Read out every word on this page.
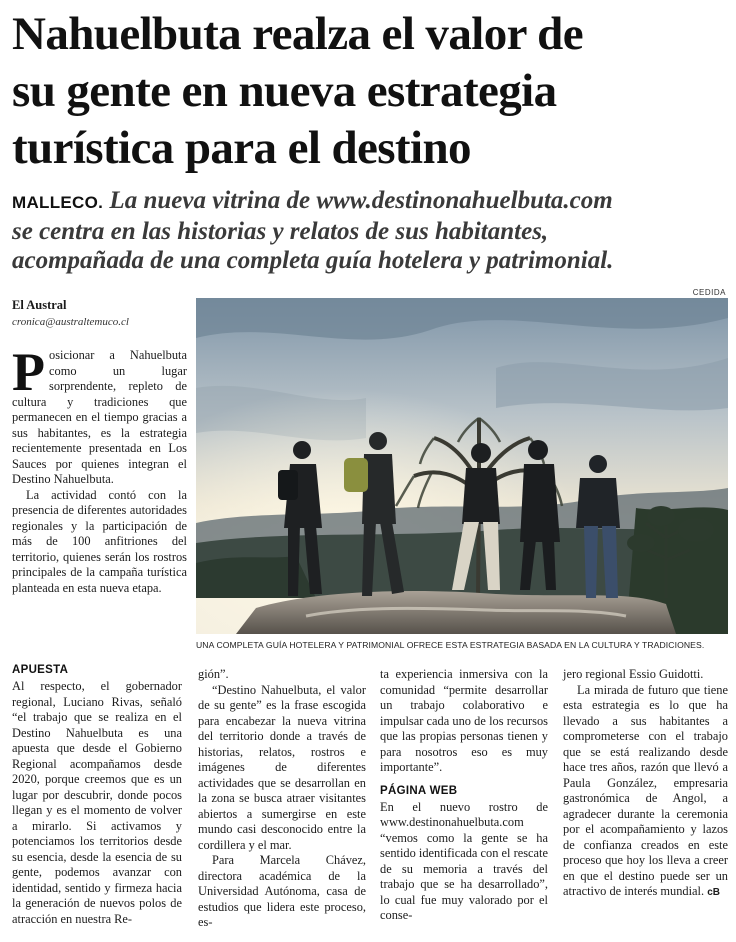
Nahuelbuta realza el valor de
su gente en nueva estrategia
turística para el destino
MALLECO. La nueva vitrina de www.destinonahuelbuta.com
se centra en las historias y relatos de sus habitantes,
acompañada de una completa guía hotelera y patrimonial.
CEDIDA
El Austral
cronica@australtemuco.cl
UNA COMPLETA GUÍA HOTELERA Y PATRIMONIAL OFRECE ESTA ESTRATEGIA BASADA EN LA CULTURA Y TRADICIONES.
P osicionar a Nahuelbuta como un lugar sorprendente, repleto de cultura y tradiciones que permanecen en el tiempo gracias a sus habitantes, es la estrategia recientemente presentada en Los Sauces por quienes integran el Destino Nahuelbuta.

La actividad contó con la presencia de diferentes autoridades regionales y la participación de más de 100 anfitriones del territorio, quienes serán los rostros principales de la campaña turística planteada en esta nueva etapa.

APUESTA

Al respecto, el gobernador regional, Luciano Rivas, señaló “el trabajo que se realiza en el Destino Nahuelbuta es una apuesta que desde el Gobierno Regional acompañamos desde 2020, porque creemos que es un lugar por descubrir, donde pocos llegan y es el momento de volver a mirarlo. Si activamos y potenciamos los territorios desde su esencia, desde la esencia de su gente, podemos avanzar con identidad, sentido y firmeza hacia la generación de nuevos polos de atracción en nuestra Re-

gión”.

“Destino Nahuelbuta, el valor de su gente” es la frase escogida para encabezar la nueva vitrina del territorio donde a través de historias, relatos, rostros e imágenes de diferentes actividades que se desarrollan en la zona se busca atraer visitantes abiertos a sumergirse en este mundo casi desconocido entre la cordillera y el mar.

Para Marcela Chávez, directora académica de la Universidad Autónoma, casa de estudios que lidera este proceso, es-

ta experiencia inmersiva con la comunidad “permite desarrollar un trabajo colaborativo e impulsar cada uno de los recursos que las propias personas tienen y para nosotros eso es muy importante”.

PÁGINA WEB

En el nuevo rostro de www.destinonahuelbuta.com “vemos como la gente se ha sentido identificada con el rescate de su memoria a través del trabajo que se ha desarrollado”, lo cual fue muy valorado por el conse-

jero regional Essio Guidotti.

La mirada de futuro que tiene esta estrategia es lo que ha llevado a sus habitantes a comprometerse con el trabajo que se está realizando desde hace tres años, razón que llevó a Paula González, empresaria gastronómica de Angol, a agradecer durante la ceremonia por el acompañamiento y lazos de confianza creados en este proceso que hoy los lleva a creer en que el destino puede ser un atractivo de interés mundial. cB
